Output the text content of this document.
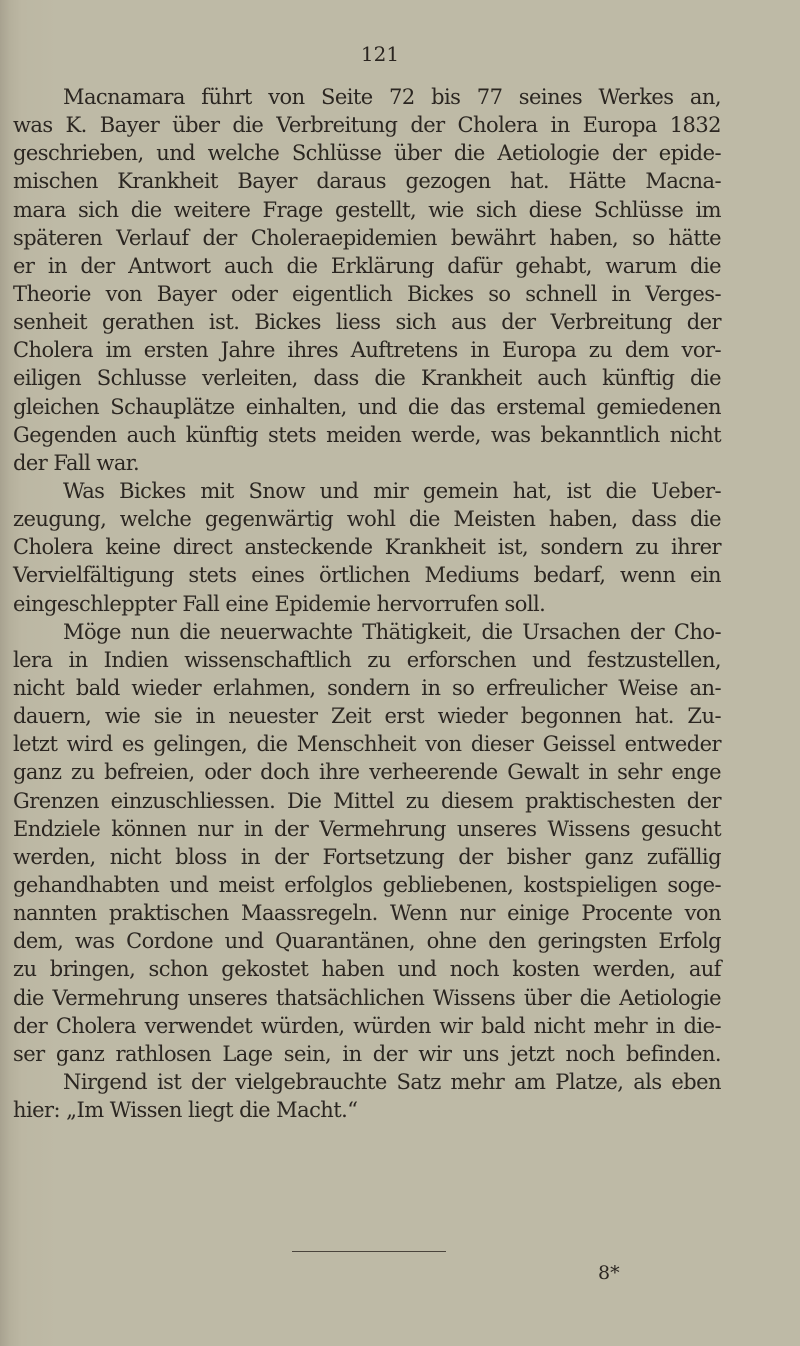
121
Macnamara führt von Seite 72 bis 77 seines Werkes an,
was K. Bayer über die Verbreitung der Cholera in Europa 1832
geschrieben, und welche Schlüsse über die Aetiologie der epide-
mischen Krankheit Bayer daraus gezogen hat. Hätte Macna-
mara sich die weitere Frage gestellt, wie sich diese Schlüsse im
späteren Verlauf der Choleraepidemien bewährt haben, so hätte
er in der Antwort auch die Erklärung dafür gehabt, warum die
Theorie von Bayer oder eigentlich Bickes so schnell in Verges-
senheit gerathen ist. Bickes liess sich aus der Verbreitung der
Cholera im ersten Jahre ihres Auftretens in Europa zu dem vor-
eiligen Schlusse verleiten, dass die Krankheit auch künftig die
gleichen Schauplätze einhalten, und die das erstemal gemiedenen
Gegenden auch künftig stets meiden werde, was bekanntlich nicht
der Fall war.
Was Bickes mit Snow und mir gemein hat, ist die Ueber-
zeugung, welche gegenwärtig wohl die Meisten haben, dass die
Cholera keine direct ansteckende Krankheit ist, sondern zu ihrer
Vervielfältigung stets eines örtlichen Mediums bedarf, wenn ein
eingeschleppter Fall eine Epidemie hervorrufen soll.
Möge nun die neuerwachte Thätigkeit, die Ursachen der Cho-
lera in Indien wissenschaftlich zu erforschen und festzustellen,
nicht bald wieder erlahmen, sondern in so erfreulicher Weise an-
dauern, wie sie in neuester Zeit erst wieder begonnen hat. Zu-
letzt wird es gelingen, die Menschheit von dieser Geissel entweder
ganz zu befreien, oder doch ihre verheerende Gewalt in sehr enge
Grenzen einzuschliessen. Die Mittel zu diesem praktischesten der
Endziele können nur in der Vermehrung unseres Wissens gesucht
werden, nicht bloss in der Fortsetzung der bisher ganz zufällig
gehandhabten und meist erfolglos gebliebenen, kostspieligen soge-
nannten praktischen Maassregeln. Wenn nur einige Procente von
dem, was Cordone und Quarantänen, ohne den geringsten Erfolg
zu bringen, schon gekostet haben und noch kosten werden, auf
die Vermehrung unseres thatsächlichen Wissens über die Aetiologie
der Cholera verwendet würden, würden wir bald nicht mehr in die-
ser ganz rathlosen Lage sein, in der wir uns jetzt noch befinden.
Nirgend ist der vielgebrauchte Satz mehr am Platze, als eben
hier: „Im Wissen liegt die Macht.“
8*
